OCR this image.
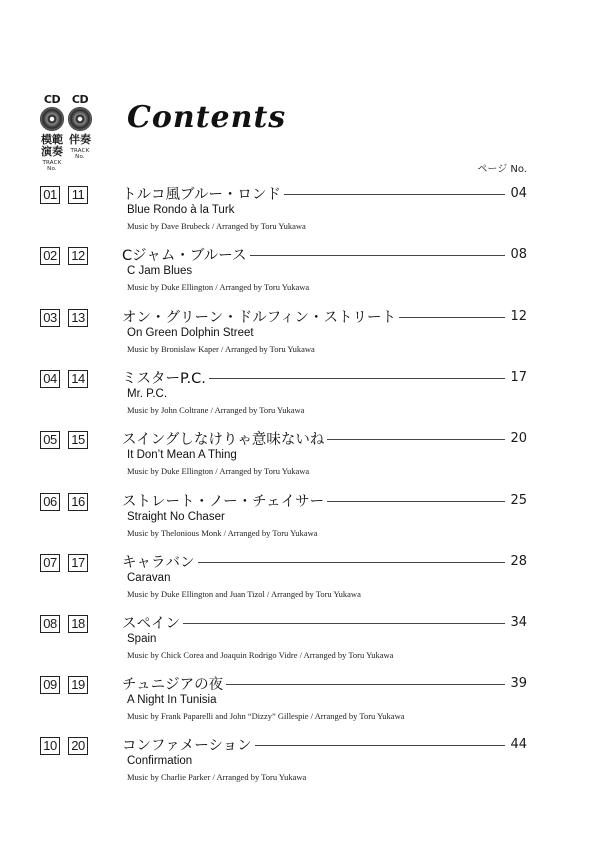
CD
模範
演奏
TRACK
No.
CD
伴奏
TRACK
No.
Contents
ページ No.
01 11	トルコ風ブルー・ロンド	04
Blue Rondo à la Turk
Music by Dave Brubeck / Arranged by Toru Yukawa
02 12	Cジャム・ブルース	08
C Jam Blues
Music by Duke Ellington / Arranged by Toru Yukawa
03 13	オン・グリーン・ドルフィン・ストリート	12
On Green Dolphin Street
Music by Bronislaw Kaper / Arranged by Toru Yukawa
04 14	ミスターP.C.	17
Mr. P.C.
Music by John Coltrane / Arranged by Toru Yukawa
05 15	スイングしなけりゃ意味ないね	20
It Don’t Mean A Thing
Music by Duke Ellington / Arranged by Toru Yukawa
06 16	ストレート・ノー・チェイサー	25
Straight No Chaser
Music by Thelonious Monk / Arranged by Toru Yukawa
07 17	キャラバン	28
Caravan
Music by Duke Ellington and Juan Tizol / Arranged by Toru Yukawa
08 18	スペイン	34
Spain
Music by Chick Corea and Joaquin Rodrigo Vidre / Arranged by Toru Yukawa
09 19	チュニジアの夜	39
A Night In Tunisia
Music by Frank Paparelli and John “Dizzy” Gillespie / Arranged by Toru Yukawa
10 20	コンファメーション	44
Confirmation
Music by Charlie Parker / Arranged by Toru Yukawa
